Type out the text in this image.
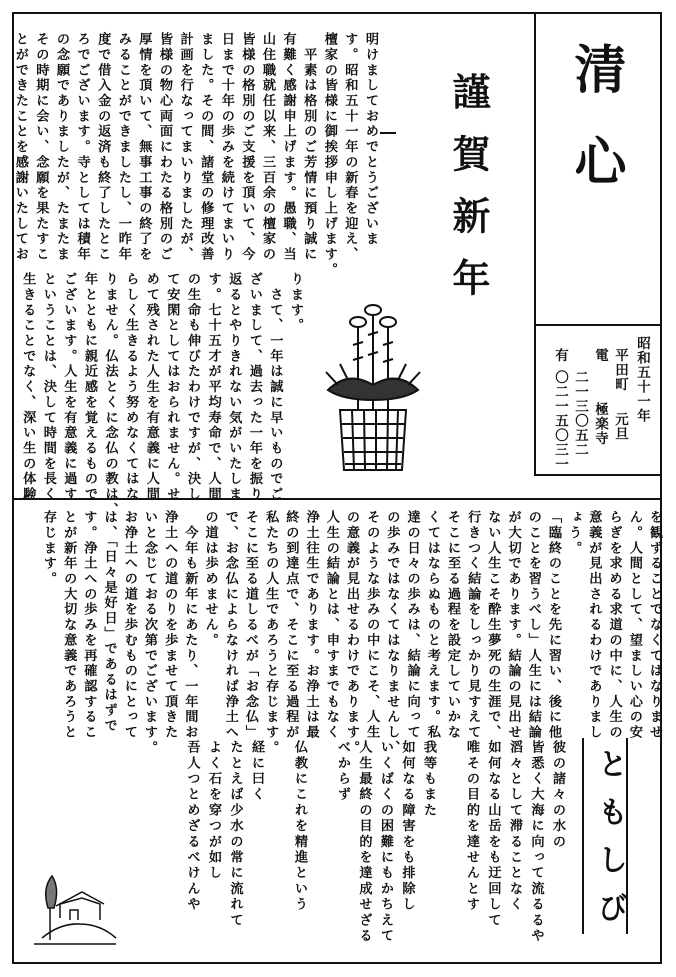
清心
昭和五十一年
平田町
元旦
極楽寺
電
二一三〇五二
有
〇二一五〇三一
謹賀新年
明けましておめでとうございま
す。昭和五十一年の新春を迎え、
檀家の皆様に御挨拶申し上げます。
　平素は格別のご芳情に預り誠に
有難く感謝申上げます。愚職、当
山住職就任以来、三百余の檀家の
皆様の格別のご支援を頂いて、今
日まで十年の歩みを続けてまいり
ました。その間、諸堂の修理改善
計画を行なってまいりましたが、
皆様の物心両面にわたる格別のご
厚情を頂いて、無事工事の終了を
みることができましたし、一昨年
度で借入金の返済も終了したとこ
ろでございます。寺としては積年
の念願でありましたが、たまたま
その時期に会い、念願を果たすこ
とができたことを感謝いたしてお
ります。
　さて、一年は誠に早いものでご
ざいまして、過去った一年を振り
返るとやりきれない気がいたしま
す。七十五才が平均寿命で、人間
の生命も伸びたわけですが、決し
て安閑としてはおられません。せ
めて残された人生を有意義に人間
らしく生きるよう努めなくてはな
りません。仏法とくに念仏の教は、
年とともに親近感を覚えるもので
ございます。人生を有意義に過す
ということは、決して時間を長く
生きることでなく、深い生の体験
を観ずることでなくてはなりませ
ん。人間として、望ましい心の安
らぎを求める求道の中に、人生の
意義が見出されるわけでありまし
ょう。
「臨終のことを先に習い、後に他
のことを習うべし」人生には結論
が大切であります。結論の見出せ
ない人生こそ酔生夢死の生涯で、
行きつく結論をしっかり見すえて
そこに至る過程を設定していかな
くてはならぬものと考えます。私
達の日々の歩みは、結論に向って
の歩みではなくてはなりませんし、
そのような歩みの中にこそ、人生
の意義が見出せるわけであります。
人生の結論とは、申すまでもなく
浄土往生であります。お浄土は最
終の到達点で、そこに至る過程が
私たちの人生であろうと存じます。
そこに至る道しるべが「お念仏」
で、お念仏によらなければ浄土へ
の道は歩めません。
　今年も新年にあたり、一年間お
浄土への道のりを歩ませて頂きた
いと念じておる次第でございます。
お浄土への道を歩むものにとって
は、「日々是好日」であるはずで
す。浄土への歩みを再確認するこ
とが新年の大切な意義であろうと
存じます。
ともしび
彼の諸々の水の
皆悉く大海に向って流るるや
滔々として滞ることなく
如何なる山岳をも迂回して
唯その目的を達せんとす
我等もまた
如何なる障害をも排除し
いくばくの困難にもかちえて
人生最終の目的を達成せざる
べからず
仏教にこれを精進という
経に曰く
たとえば少水の常に流れて
よく石を穿つが如し
吾人つとめざるべけんや
